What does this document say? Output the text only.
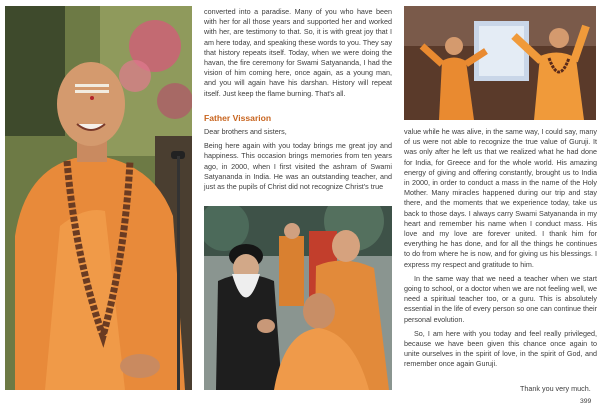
converted into a paradise. Many of you who have been with her for all those years and supported her and worked with her, are testimony to that. So, it is with great joy that I am here today, and speaking these words to you. They say that history repeats itself. Today, when we were doing the havan, the fire ceremony for Swami Satyananda, I had the vision of him coming here, once again, as a young man, and you will again have his darshan. History will repeat itself. Just keep the flame burning. That's all.

Father Vissarion

Dear brothers and sisters,

Being here again with you today brings me great joy and happiness. This occasion brings memories from ten years ago, in 2000, when I first visited the ashram of Swami Satyananda in India. He was an outstanding teacher, and just as the pupils of Christ did not recognize Christ's true

value while he was alive, in the same way, I could say, many of us were not able to recognize the true value of Guruji. It was only after he left us that we realized what he had done for India, for Greece and for the whole world. His amazing energy of giving and offering constantly, brought us to India in 2000, in order to conduct a mass in the name of the Holy Mother. Many miracles happened during our trip and stay there, and the moments that we experience today, take us back to those days. I always carry Swami Satyananda in my heart and remember his name when I conduct mass. His love and my love are forever united. I thank him for everything he has done, and for all the things he continues to do from where he is now, and for giving us his blessings. I express my respect and gratitude to him.

In the same way that we need a teacher when we start going to school, or a doctor when we are not feeling well, we need a spiritual teacher too, or a guru. This is absolutely essential in the life of every person so one can continue their personal evolution.

So, I am here with you today and feel really privileged, because we have been given this chance once again to unite ourselves in the spirit of love, in the spirit of God, and remember once again Guruji.

Thank you very much.
399
